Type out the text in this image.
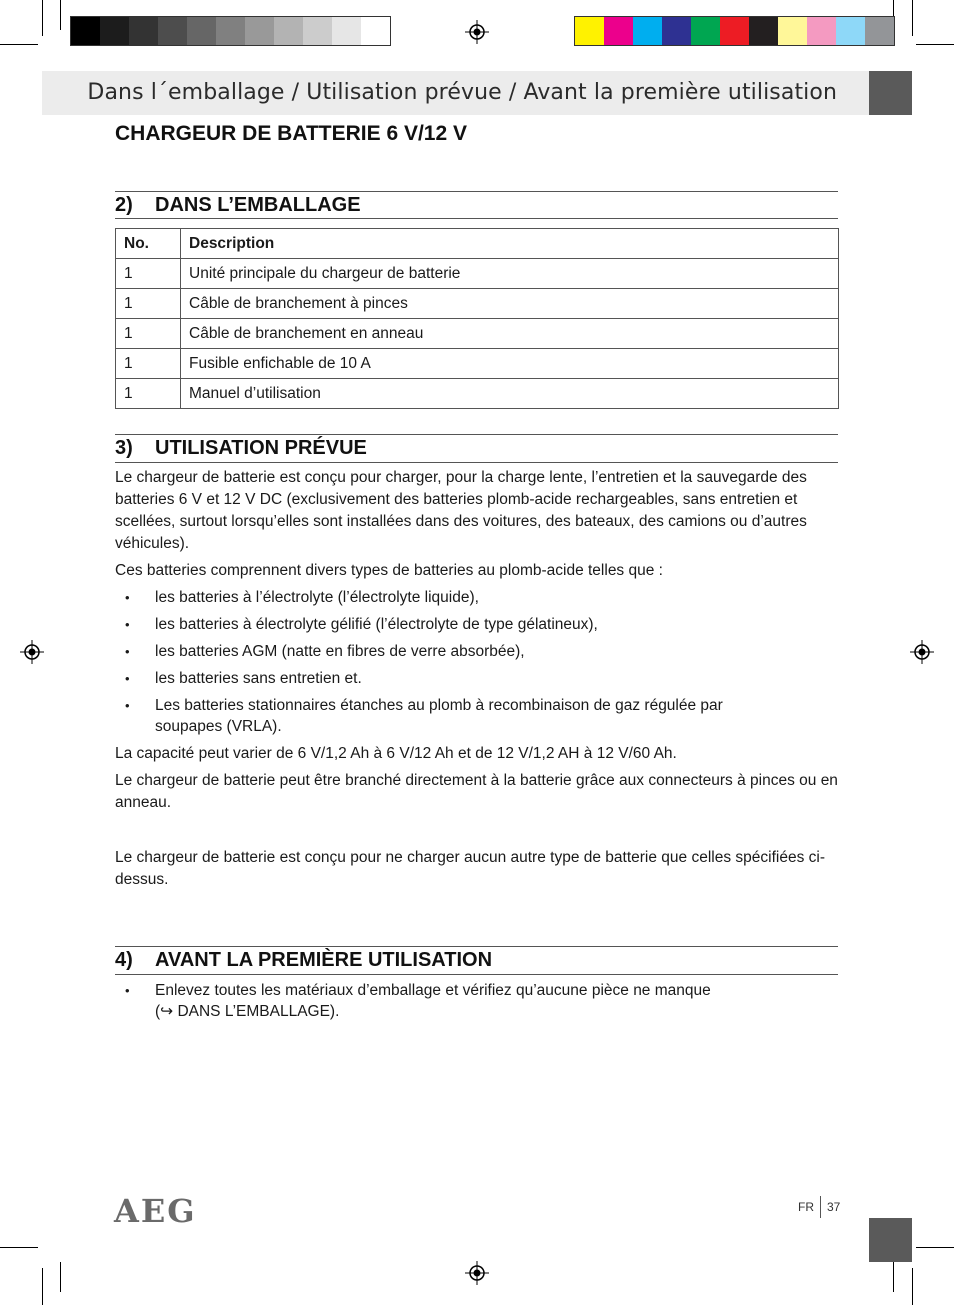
Dans l´emballage / Utilisation prévue / Avant la première utilisation
CHARGEUR DE BATTERIE 6 V/12 V
2) DANS L’EMBALLAGE
No.	Description
1	Unité principale du chargeur de batterie
1	Câble de branchement à pinces
1	Câble de branchement en anneau
1	Fusible enfichable de 10 A
1	Manuel d’utilisation
3) UTILISATION PRÉVUE
Le chargeur de batterie est conçu pour charger, pour la charge lente, l’entretien et la sauvegarde des batteries 6 V et 12 V DC (exclusivement des batteries plomb-acide rechargeables, sans entretien et scellées, surtout lorsqu’elles sont installées dans des voitures, des bateaux, des camions ou d’autres véhicules).
Ces batteries comprennent divers types de batteries au plomb-acide telles que :
• les batteries à l’électrolyte (l’électrolyte liquide),
• les batteries à électrolyte gélifié (l’électrolyte de type gélatineux),
• les batteries AGM (natte en fibres de verre absorbée),
• les batteries sans entretien et.
• Les batteries stationnaires étanches au plomb à recombinaison de gaz régulée par soupapes (VRLA).
La capacité peut varier de 6 V/1,2 Ah à 6 V/12 Ah et de 12 V/1,2 AH à 12 V/60 Ah.
Le chargeur de batterie peut être branché directement à la batterie grâce aux connecteurs à pinces ou en anneau.
Le chargeur de batterie est conçu pour ne charger aucun autre type de batterie que celles spécifiées ci-dessus.
4) AVANT LA PREMIÈRE UTILISATION
• Enlevez toutes les matériaux d’emballage et vérifiez qu’aucune pièce ne manque
(↪ DANS L’EMBALLAGE).
AEG	FR 37
